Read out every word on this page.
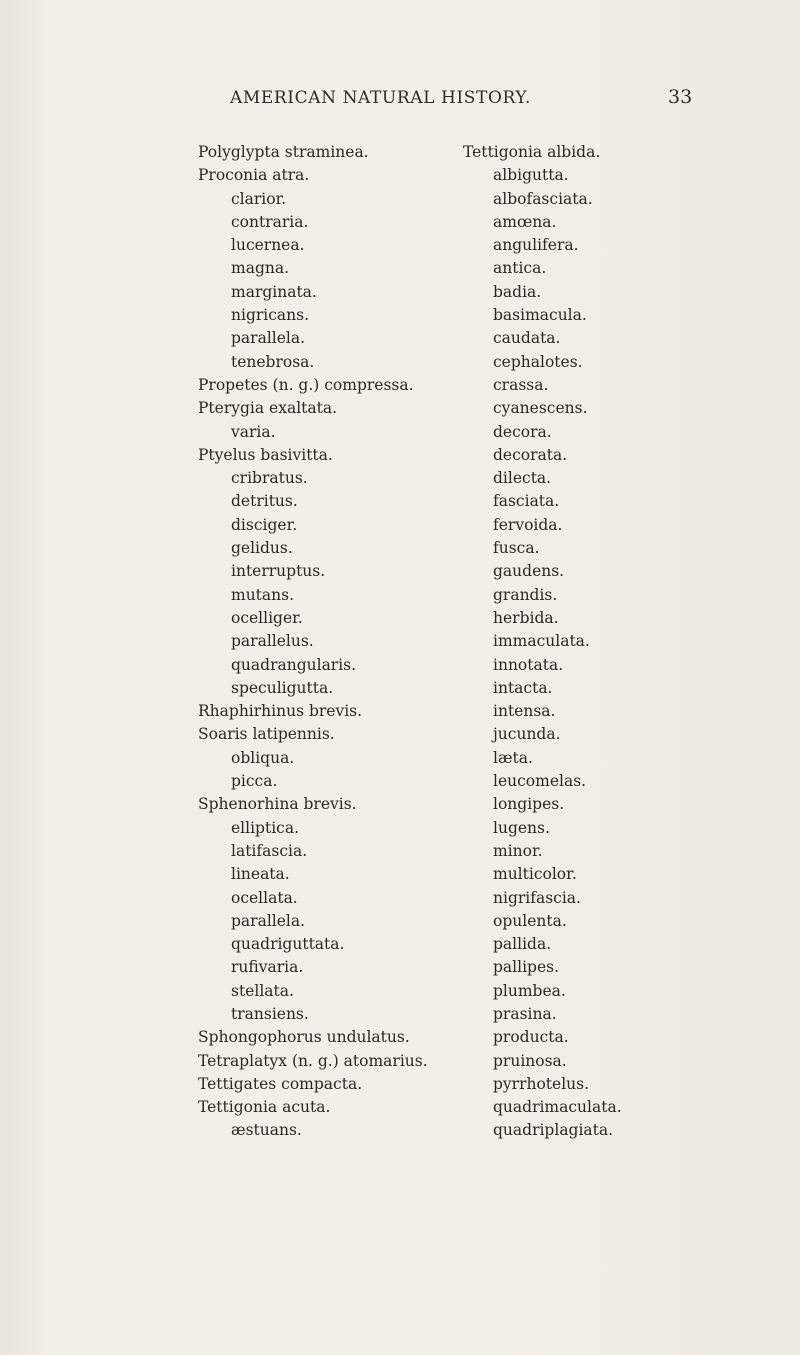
AMERICAN NATURAL HISTORY.	33
Polyglypta straminea.
Proconia atra.
clarior.
contraria.
lucernea.
magna.
marginata.
nigricans.
parallela.
tenebrosa.
Propetes (n. g.) compressa.
Pterygia exaltata.
varia.
Ptyelus basivitta.
cribratus.
detritus.
disciger.
gelidus.
interruptus.
mutans.
ocelliger.
parallelus.
quadrangularis.
speculigutta.
Rhaphirhinus brevis.
Soaris latipennis.
obliqua.
picca.
Sphenorhina brevis.
elliptica.
latifascia.
lineata.
ocellata.
parallela.
quadriguttata.
rufivaria.
stellata.
transiens.
Sphongophorus undulatus.
Tetraplatyx (n. g.) atomarius.
Tettigates compacta.
Tettigonia acuta.
æstuans.
Tettigonia albida.
albigutta.
albofasciata.
amœna.
angulifera.
antica.
badia.
basimacula.
caudata.
cephalotes.
crassa.
cyanescens.
decora.
decorata.
dilecta.
fasciata.
fervoida.
fusca.
gaudens.
grandis.
herbida.
immaculata.
innotata.
intacta.
intensa.
jucunda.
læta.
leucomelas.
longipes.
lugens.
minor.
multicolor.
nigrifascia.
opulenta.
pallida.
pallipes.
plumbea.
prasina.
producta.
pruinosa.
pyrrhotelus.
quadrimaculata.
quadriplagiata.
